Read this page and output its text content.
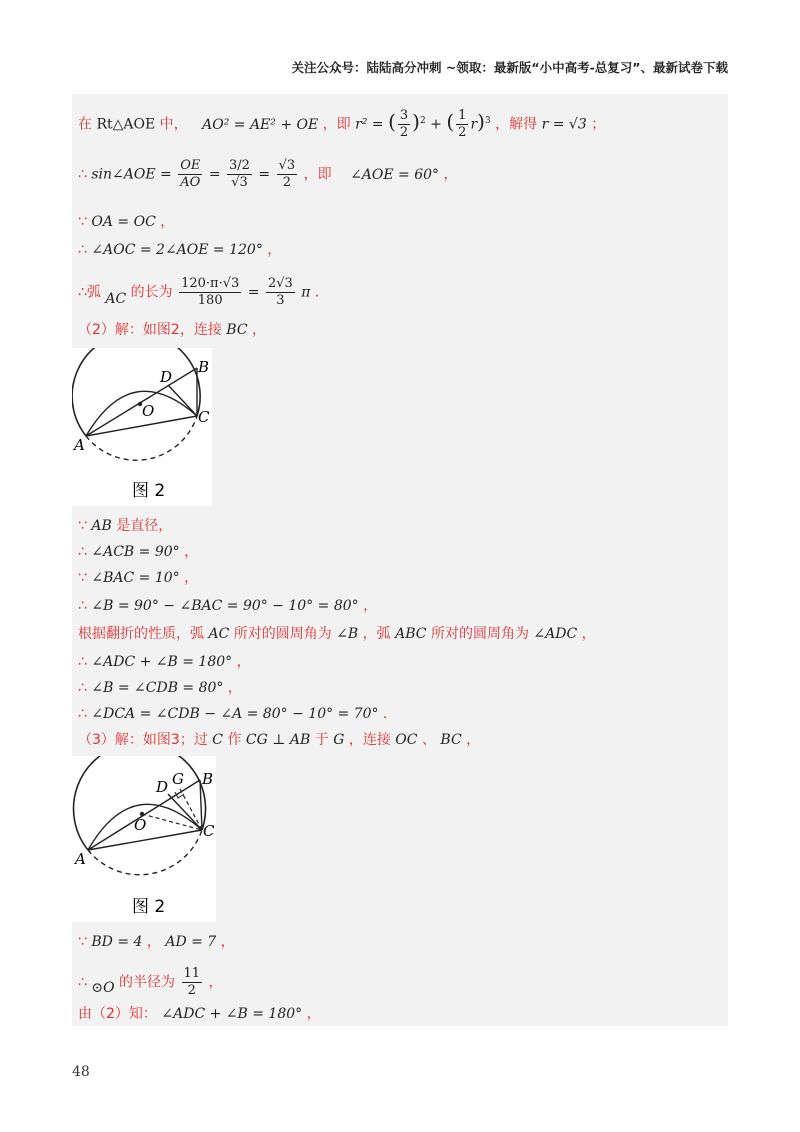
关注公众号：陆陆高分冲刺 ~领取：最新版“小中高考-总复习”、最新试卷下载
在 Rt△AOE 中， AO² = AE² + OE ，即 r² = ( $\frac{3}{2} )^2$ + ( $\frac{1}{2} r)^3$ ，解得 r = √3 ；
∴ sin∠AOE = $\frac{OE}{AO} = \frac{3/2}{√3} = \frac{√3}{2}$ ，即 ∠AOE = 60° ，
∵ OA = OC ，
∴ ∠AOC = 2∠AOE = 120° ，
∴弧 AC 的长为 $\frac{120\cdot\pi\cdot√3}{180} = \frac{2√3}{3}$ π ．
（2）解：如图2，连接 BC ，
A
B
C
D
O
图 2
∵ AB 是直径，
∴ ∠ACB = 90° ，
∵ ∠BAC = 10° ，
∴ ∠B = 90° − ∠BAC = 90° − 10° = 80° ，
根据翻折的性质，弧 AC 所对的圆周角为 ∠B ，弧 ABC 所对的圆周角为 ∠ADC ，
∴ ∠ADC + ∠B = 180° ，
∴ ∠B = ∠CDB = 80° ，
∴ ∠DCA = ∠CDB − ∠A = 80° − 10° = 70° ．
（3）解：如图3；过 C 作 CG ⊥ AB 于 G ，连接 OC 、 BC ，
A
B
C
D G
O
图 2
∵ BD = 4 ， AD = 7 ，
∴ ⊙O 的半径为 $\frac{11}{2}$ ，
由（2）知： ∠ADC + ∠B = 180° ，
48
